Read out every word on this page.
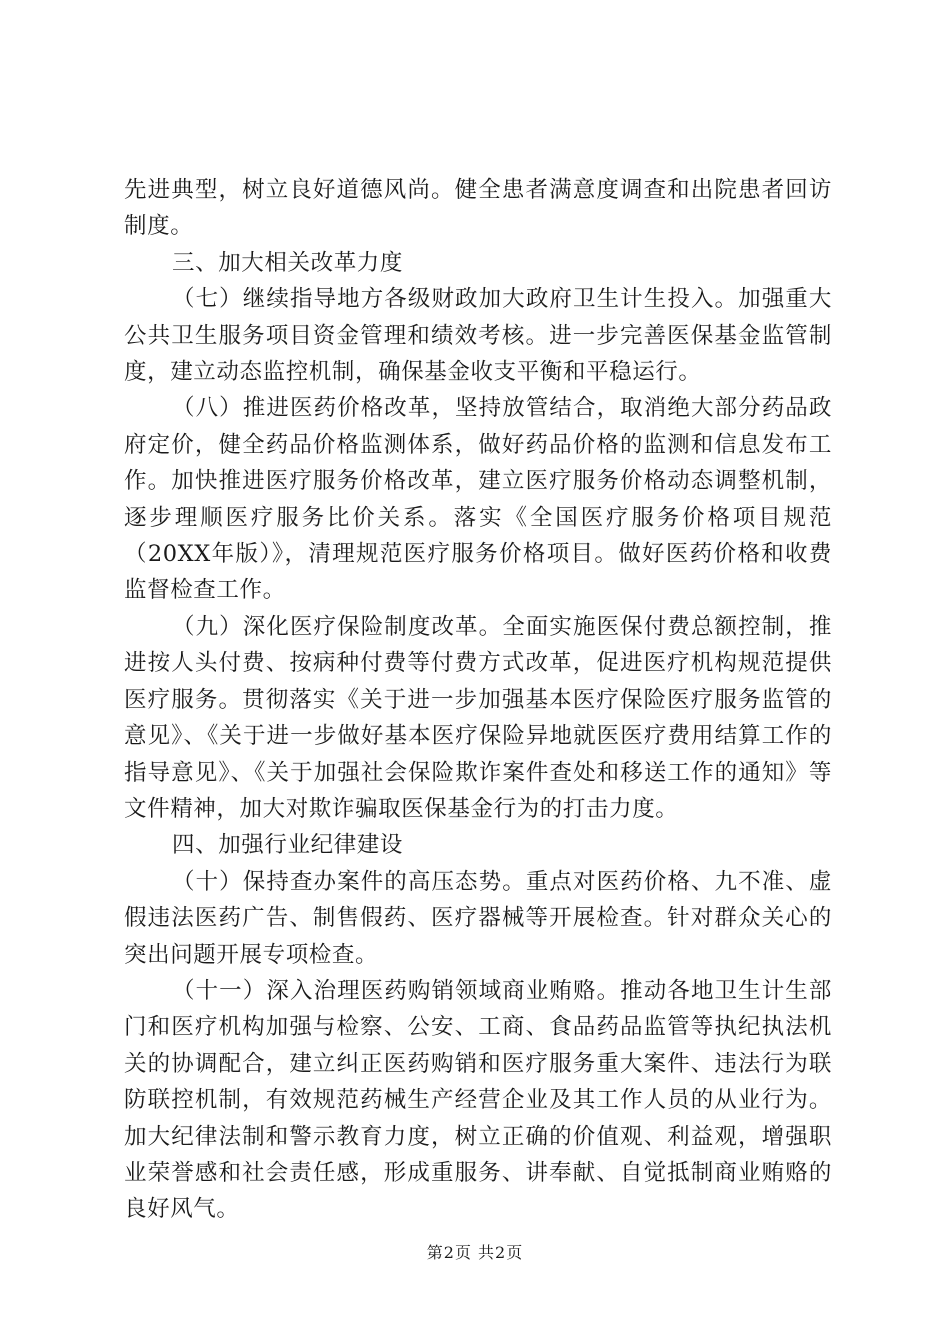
先进典型，树立良好道德风尚。健全患者满意度调查和出院患者回访制度。

三、加大相关改革力度

（七）继续指导地方各级财政加大政府卫生计生投入。加强重大公共卫生服务项目资金管理和绩效考核。进一步完善医保基金监管制度，建立动态监控机制，确保基金收支平衡和平稳运行。

（八）推进医药价格改革，坚持放管结合，取消绝大部分药品政府定价，健全药品价格监测体系，做好药品价格的监测和信息发布工作。加快推进医疗服务价格改革，建立医疗服务价格动态调整机制，逐步理顺医疗服务比价关系。落实《全国医疗服务价格项目规范（20XX年版）》，清理规范医疗服务价格项目。做好医药价格和收费监督检查工作。

（九）深化医疗保险制度改革。全面实施医保付费总额控制，推进按人头付费、按病种付费等付费方式改革，促进医疗机构规范提供医疗服务。贯彻落实《关于进一步加强基本医疗保险医疗服务监管的意见》、《关于进一步做好基本医疗保险异地就医医疗费用结算工作的指导意见》、《关于加强社会保险欺诈案件查处和移送工作的通知》等文件精神，加大对欺诈骗取医保基金行为的打击力度。

四、加强行业纪律建设

（十）保持查办案件的高压态势。重点对医药价格、九不准、虚假违法医药广告、制售假药、医疗器械等开展检查。针对群众关心的突出问题开展专项检查。

（十一）深入治理医药购销领域商业贿赂。推动各地卫生计生部门和医疗机构加强与检察、公安、工商、食品药品监管等执纪执法机关的协调配合，建立纠正医药购销和医疗服务重大案件、违法行为联防联控机制，有效规范药械生产经营企业及其工作人员的从业行为。加大纪律法制和警示教育力度，树立正确的价值观、利益观，增强职业荣誉感和社会责任感，形成重服务、讲奉献、自觉抵制商业贿赂的良好风气。

第2页 共2页
